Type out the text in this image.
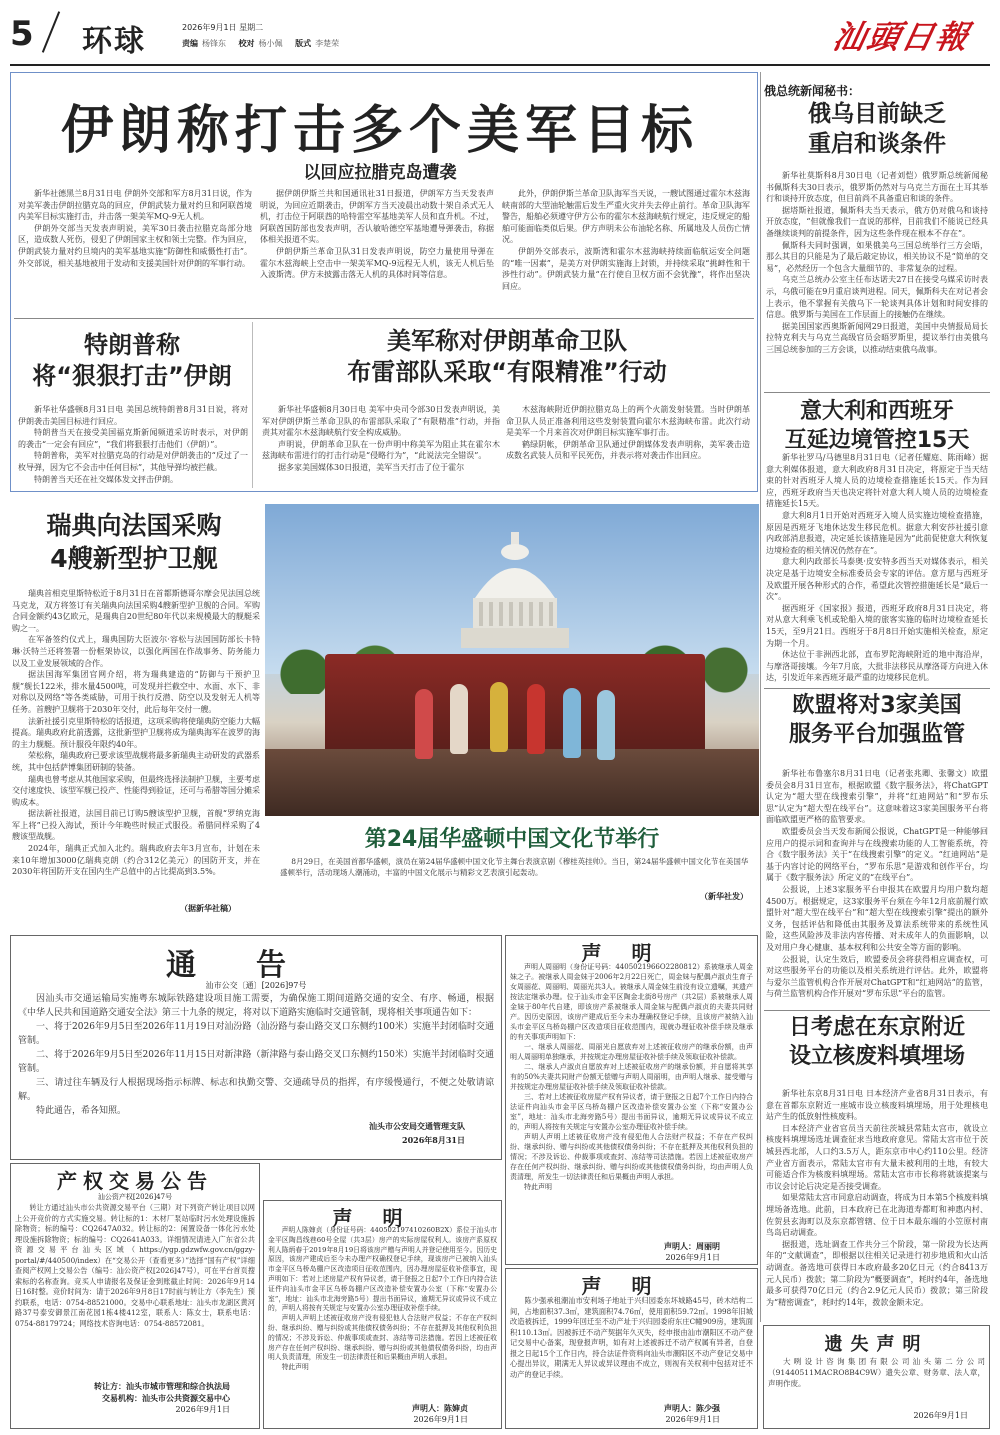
5 环球	2026年9月1日 星期二
责编 杨锋东 校对 杨小佩 版式 李楚荣	汕頭日報
伊朗称打击多个美军目标
以回应拉腊克岛遭袭

新华社德黑兰8月31日电 伊朗外交部和军方8月31日说，作为对美军袭击伊朗拉腊克岛的回应，伊朗武装力量对约旦和阿联酋境内美军目标实施打击，并击落一架美军MQ-9无人机。

伊朗外交部当天发表声明说，美军30日袭击拉腊克岛部分地区，造成数人死伤，侵犯了伊朗国家主权和领土完整。作为回应，伊朗武装力量对约旦境内的美军基地实施“防御性和威慑性打击”。外交部说，相关基地被用于发动和支援美国针对伊朗的军事行动。

据伊朗伊斯兰共和国通讯社31日报道，伊朗军方当天发表声明说，为回应近期袭击，伊朗军方当天凌晨出动数十架自杀式无人机，打击位于阿联酋的哈特雷空军基地美军人员和直升机。不过，阿联酋国防部也发表声明，否认敏哈德空军基地遭导弹袭击，称据体相关报道不实。

伊朗伊斯兰革命卫队31日发表声明说，防空力量使用导弹在霍尔木兹海峡上空击中一架美军MQ-9远程无人机，该无人机后坠入波斯湾。伊方未披露击落无人机的具体时间等信息。

此外，伊朗伊斯兰革命卫队海军当天说，一艘试图通过霍尔木兹海峡南部的大型油轮触雷后发生严重火灾并失去停止前行。革命卫队海军警告，船舶必须遵守伊方公布的霍尔木兹海峡航行规定，违反规定的船舶可能面临类似后果。伊方声明未公布油轮名称、所属地及人员伤亡情况。

伊朗外交部表示，波斯湾和霍尔木兹海峡持续面临航运安全问题的“唯一因素”，是美方对伊朗实施海上封锁，并持续采取“挑衅性和干涉性行动”。伊朗武装力量“在行使自卫权方面不会犹豫”，将作出坚决回应。

特朗普称
将“狠狠打击”伊朗

新华社华盛顿8月31日电 美国总统特朗普8月31日说，将对伊朗袭击美国目标进行回应。

特朗普当天在接受美国福克斯新闻频道采访时表示，对伊朗的袭击“一定会有回应”，“我们将狠狠打击他们（伊朗）”。

特朗普称，美军对拉腊克岛的行动是对伊朗袭击的“反过了一枚导弹，因为它不会击中任何目标”，其他导弹均被拦截。

特朗普当天还在社交媒体发文抨击伊朗。

美军称对伊朗革命卫队
布雷部队采取“有限精准”行动

新华社华盛顿8月30日电 美军中央司令部30日发表声明说，美军对伊朗伊斯兰革命卫队的布雷部队采取了“有限精准”行动，并指责其对霍尔木兹海峡航行安全构成威胁。

声明说，伊朗革命卫队在一份声明中称美军为阻止其在霍尔木兹海峡布雷进行的打击行动是“侵略行为”，“此说法完全错误”。

据多家美国媒体30日报道，美军当天打击了位于霍尔

木兹海峡附近伊朗拉腊克岛上的两个火箭发射装置。当时伊朗革命卫队人员正准备利用这些发射装置向霍尔木兹海峡布雷。此次行动是美军一个月来首次对伊朗目标实施军事打击。

鹤绿阴帐，伊朗革命卫队通过伊朗媒体发表声明称，美军袭击造成数名武装人员和平民死伤，并表示将对袭击作出回应。

瑞典向法国采购
4艘新型护卫舰

瑞典首相克里斯特松近于8月31日在首都斯德哥尔摩会见法国总统马克龙，双方将签订有关瑞典向法国采购4艘新型护卫舰的合同。军购合同金额约43亿欧元，是瑞典自20世纪80年代以来规模最大的舰艇采购之一。

在军备签约仪式上，瑞典国防大臣波尔·容松与法国国防部长卡特琳·沃特兰还将签署一份框架协议，以强化两国在作战事务、防务能力以及工业发展领域的合作。

据法国海军集团官网介绍，将为瑞典建造的“防御与干预护卫舰”舰长122米，排水量4500吨，可发现并拦截空中、水面、水下、非对称以及网络“等各类威胁，可用于执行反潜、防空以及发射无人机等任务。首艘护卫舰将于2030年交付，此后每年交付一艘。

法新社援引克里斯特松的话报道，这项采购将使瑞典防空能力大幅提高。瑞典政府此前透露，这批新型护卫舰将成为瑞典海军在波罗的海的主力舰艇。预计服役年限约40年。

荣松称，瑞典政府已要求该型战舰将最多新瑞典主动研发的武器系统，其中包括萨博集团研制的装备。

瑞典也曾考虑从其他国家采购，但最终选择法制护卫舰，主要考虑交付速度快、该型军舰已投产、性能得到验证，还可与希腊等国分摊采购成本。

据法新社报道，法国目前已订购5艘该型护卫舰，首舰“罗纳克海军上将”已投入海试，预计今年晚些时候正式服役。希腊同样采购了4艘该型战舰。

2024年，瑞典正式加入北约。瑞典政府去年3月宣布，计划在未来10年增加3000亿瑞典克朗（约合312亿美元）的国防开支，并在2030年将国防开支在国内生产总值中的占比提高到3.5%。

（据新华社稿）
第24届华盛顿中国文化节举行
8月29日，在美国首都华盛顿，演员在第24届华盛顿中国文化节主舞台表演京剧《穆桂英挂帅》。当日，第24届华盛顿中国文化节在美国华盛顿举行，活动现场人潮涌动，丰富的中国文化展示与精彩文艺表演引起轰动。
（新华社发）
俄总统新闻秘书：
俄乌目前缺乏
重启和谈条件

新华社莫斯科8月30日电（记者刘恺）俄罗斯总统新闻秘书佩斯科夫30日表示，俄罗斯仍然对与乌克兰方面在土耳其举行和谈持开放态度，但目前尚不具备重启和谈的条件。

据塔斯社报道，佩斯科夫当天表示，俄方仍对俄乌和谈持开放态度，“但就像我们一直说的那样，目前我们不能说已经具备继续谈判的前提条件，因为这些条件现在根本不存在”。

佩斯科夫同时强调，如果俄美乌三国总统举行三方会晤，那么其目的只能是为了最后敲定协议，相关协议不是“简单的交易”，必然经历一个包含大量细节的、非常复杂的过程。

乌克兰总统办公室主任布达诺夫27日在接受乌媒采访时表示，乌俄可能在9月重启谈判进程。同天，佩斯科夫在对记者会上表示，他不掌握有关俄乌下一轮谈判具体计划和时间安排的信息。俄罗斯与美国在工作层面上的接触仍在继续。

据美国国家西奥斯新闻网29日报道，美国中央情报局局长拉特克利夫与乌克兰高级官员会晤罗斯里，提议举行由美俄乌三国总统参加的三方会谈，以推动结束俄乌战事。

意大利和西班牙
互延边境管控15天

新华社罗马/马德里8月31日电（记者任耀庭、陈雨峰）据意大利媒体报道，意大利政府8月31日决定，将原定于当天结束的针对西班牙人境人员的边境检查措施延长15天。作为回应，西班牙政府当天也决定将针对意大利人境人员的边境检查措施延长15天。

意大利8月1日开始对西班牙入境人员实施边境检查措施，原因是西班牙飞地休达发生移民危机。据意大利安莎社援引意内政部消息报道，决定延长该措施是因为“此前促使意大利恢复边境检查的相关情况仍然存在”。

意大利内政部长马泰奥·皮安特多西当天对媒体表示，相关决定是基于边境安全标准委员会专家的评估。意方愿与西班牙及欧盟开展各种形式的合作，希望此次管控措施延长是“最后一次”。

据西班牙《国家报》报道，西班牙政府8月31日决定，将对从意大利乘飞机或轮船入境的旅客实施的临时边境检查延长15天，至9月21日。西班牙于8月8日开始实施相关检查，原定为期一个月。

休达位于非洲西北部，直布罗陀海峡附近的地中海沿岸，与摩洛哥接壤。今年7月底，大批非法移民从摩洛哥方向进入休达，引发近年来西班牙最严重的边境移民危机。

欧盟将对3家美国
服务平台加强监管

新华社布鲁塞尔8月31日电（记者张兆卿、张馨文）欧盟委员会8月31日宣布，根据欧盟《数字服务法》，将ChatGPT认定为“超大型在线搜索引擎”，并将“红迪网站”和“罗布乐思”认定为“超大型在线平台”。这意味着这3家美国服务平台将面临欧盟更严格的监管要求。

欧盟委员会当天发布新闻公报说，ChatGPT是一种能够回应用户的提示词和查询并与在线搜索功能的人工智能系统，符合《数字服务法》关于“在线搜索引擎”的定义。“红迪网站”是基于内容讨论的网络平台，“罗布乐思”是游戏和创作平台，均属于《数字服务法》所定义的“在线平台”。

公报说，上述3家服务平台申报其在欧盟月均用户数均超4500万。根据规定，这3家服务平台须在今年12月底前履行欧盟针对“超大型在线平台”和“超大型在线搜索引擎”提出的额外义务，包括评估和降低由其服务及算法系统带来的系统性风险，这些风险涉及非法内容传播、对未成年人的负面影响，以及对用户身心健康、基本权利和公共安全等方面的影响。

公报说，认定生效后，欧盟委员会将获得相应调查权，可对这些服务平台的功能以及相关系统进行评估。此外，欧盟将与爱尔兰监管机构合作开展对ChatGPT和“红迪网站”的监管，与荷兰监管机构合作开展对“罗布乐思”平台的监管。

日考虑在东京附近
设立核废料填埋场

新华社东京8月31日电 日本经济产业省8月31日表示，有意在首都东京附近一座城市设立核废料填埋场，用于处理核电站产生的低放射性核废料。

日本经济产业省官员当天前往茨城县常陆太宫市，就设立核废料填埋场选址调查征求当地政府意见。常陆太宫市位于茨城县西北部，人口约3.5万人，距东京市中心约110公里。经济产业省方面表示，常陆太宫市有大量未被利用的土地，有较大可能适合作为核废料填埋场。常陆太宫市市长称将就该提案与市议会讨论后决定是否接受调查。

如果常陆太宫市同意启动调查，将成为日本第5个核废料填埋场备选地。此前，日本政府已在北海道寿都町和神惠内村、佐贺县玄海町以及东京都管辖、位于日本最东端的小笠原村南鸟岛启动调查。

据报道，选址调查工作共分三个阶段，第一阶段为长达两年的“文献调查”，即根据以往相关记录进行初步地质和火山活动调查。备选地可获得日本政府最多20亿日元（约合8413万元人民币）拨款；第二阶段为“概要调查”，耗时约4年，备选地最多可获得70亿日元（约合2.9亿元人民币）拨款；第三阶段为“精密调查”，耗时约14年，拨款金额未定。

通告
汕市公交〔通〕[2026]97号

因汕头市交通运输局实施粤东城际铁路建设项目施工需要，为确保施工期间道路交通的安全、有序、畅通，根据《中华人民共和国道路交通安全法》第三十九条的规定，将对以下道路实施临时交通管制，现将相关事项通告如下：

一、将于2026年9月5日至2026年11月19日对汕汾路（汕汾路与泰山路交叉口东侧约100米）实施半封闭临时交通管制。

二、将于2026年9月5日至2026年11月15日对新津路（新津路与泰山路交叉口东侧约150米）实施半封闭临时交通管制。

三、请过往车辆及行人根据现场指示标牌、标志和执勤交警、交通疏导员的指挥，有序缓慢通行，不便之处敬请谅解。

特此通告，希各知照。

汕头市公安局交通管理支队
2026年8月31日
声明

声明人周丽明（身份证号码：4405021966O2280812）系被继承人周金妹之子。被继承人周金妹于2006年2月22日死亡，周金妹与配偶卢淑贞生育子女周丽花、周丽明、周丽光共3人。被继承人周金妹生前没有设立遗嘱，其遗产按法定继承办理。位于汕头市金平区陶金北街8号房产（共2层）系被继承人周金妹于80年代自建，即该房产系被继承人周金妹与配偶卢淑贞的夫妻共同财产。因历史原因，该房产建成后至今未办理确权登记手续，且该房产被纳入汕头市金平区乌桥岛棚户区改造项目征收范围内，现就办理征收补偿手续及继承的有关事项声明如下：

一、继承人周丽花、周丽光自愿放弃对上述被征收房产的继承份额，由声明人周丽明单独继承，并按规定办理房屋征收补偿手续及领取征收补偿款。

二、继承人卢淑贞自愿放弃对上述被征收房产的继承份额，并自愿将其享有的50%夫妻共同财产份额无偿赠与声明人周丽明，由声明人继承、接受赠与并按规定办理房屋征收补偿手续及领取征收补偿款。

三、若对上述被征收房屋产权有异议者，请于登报之日起7个工作日内持合法证件向汕头市金平区乌桥岛棚户区改造补偿安置办公室（下称“安置办公室”，地址：汕头市北海旁路5号）提出书面异议，逾期无异议或异议不成立的，声明人将按有关规定与安置办公室办理征收补偿手续。

声明人声明上述被征收房产没有侵犯他人合法财产权益；不存在产权纠纷、继承纠纷、赠与纠纷或其他债权债务纠纷；不存在抵押及其他权利负担的情况；不涉及诉讼、仲裁事项或查封、冻结等司法措施。若因上述被征收房产存在任何产权纠纷、继承纠纷、赠与纠纷或其他债权债务纠纷，均由声明人负责清理，所发生一切法律责任和后果概由声明人承担。

特此声明

声明人：周丽明
2026年9月1日
产权交易公告
汕公资产权[2026]47号

转让方通过汕头市公共资源交易平台（三期）对下列资产转让项目以网上公开竞价的方式实施交易。转让标的1：木材厂泵站临时污水处理设施拆除物资；标的编号：CQ2647A032。转让标的2：闲置设备一体化污水处理设施拆除物资；标的编号：CQ2641A033。详细情况请进入广东省公共资源交易平台汕头区域（https://ygp.gdzwfw.gov.cn/ggzy-portal/#/440500/index）在“交易公开（查看更多）”选择“国有产权”详细查阅产权网上交易公告（编号：汕公资产权[2026]47号），可在平台首页搜索标的名称查询。竞买人申请报名及保证金到账截止时间：2026年9月14日16时整。竞价时间为：请于2026年9月8日17时前与转让方（李先生）预约联系，电话：0754-88521000。交易中心联系地址：汕头市龙湖区黄河路37号泰安御景江南花园1栋4楼412室，联系人：陈女士，联系电话：0754-88179724；网络技术咨询电话：0754-88572081。

转让方：汕头市城市管理和综合执法局
交易机构：汕头市公共资源交易中心
2026年9月1日
声明

声明人陈婶贞（身份证号码：440502197410260B2X）系位于汕头市金平区陶昌线巷60号全屋（共3层）房产的实际房屋权利人。该房产系原权利人陈炳春于2019年8月19日将该房产赠与声明人并登记使用至今。因历史原因，该房产建成后至今未办理产权确权登记手续，现该房产已被纳入汕头市金平区乌桥岛棚户区改造项目征收范围内，因办理房屋征收补偿事宜，现声明如下：若对上述房屋产权有异议者，请于登报之日起7个工作日内持合法证件向汕头市金平区乌桥岛棚户区改造补偿安置办公室（下称“安置办公室”，地址：汕头市北海旁路5号）提出书面异议，逾期无异议或异议不成立的，声明人将按有关规定与安置办公室办理征收补偿手续。

声明人声明上述被征收房产没有侵犯他人合法财产权益；不存在产权纠纷、继承纠纷、赠与纠纷或其他债权债务纠纷；不存在抵押及其他权利负担的情况；不涉及诉讼、仲裁事项或查封、冻结等司法措施。若因上述被征收房产存在任何产权纠纷、继承纠纷、赠与纠纷或其他债权债务纠纷，均由声明人负责清理，所发生一切法律责任和后果概由声明人承担。

特此声明

声明人：陈婶贞
2026年9月1日
声明

陈少强承租潮汕市安利场子地址于兴归园委东坏城路45号，砖木结构二间，占地面积37.3㎡，建筑面积74.76㎡，使用面积59.72㎡。1998年旧城改造被拆迁，1999年回迁至不动产址于兴归园委府东庄C幢909房，建筑面积110.13㎡。因被拆迁不动产契据年久灭失，经申报由汕市潮阳区不动产登记交易中心备案，现登报声明，如有对上述被拆迁不动产权属有异者，自登报之日起15个工作日内，持合法证件资料向汕头市潮阳区不动产登记交易中心提出异议，期满无人异议或异议理由不成立，则视有关权利中包括对迁不动产的登记手续。

声明人：陈少强
2026年9月1日
遗失声明

大咧设计咨询集团有限公司汕头第二分公司（91440511MACRO8B4C9W）遗失公章、财务章、法人章，声明作废。

2026年9月1日
